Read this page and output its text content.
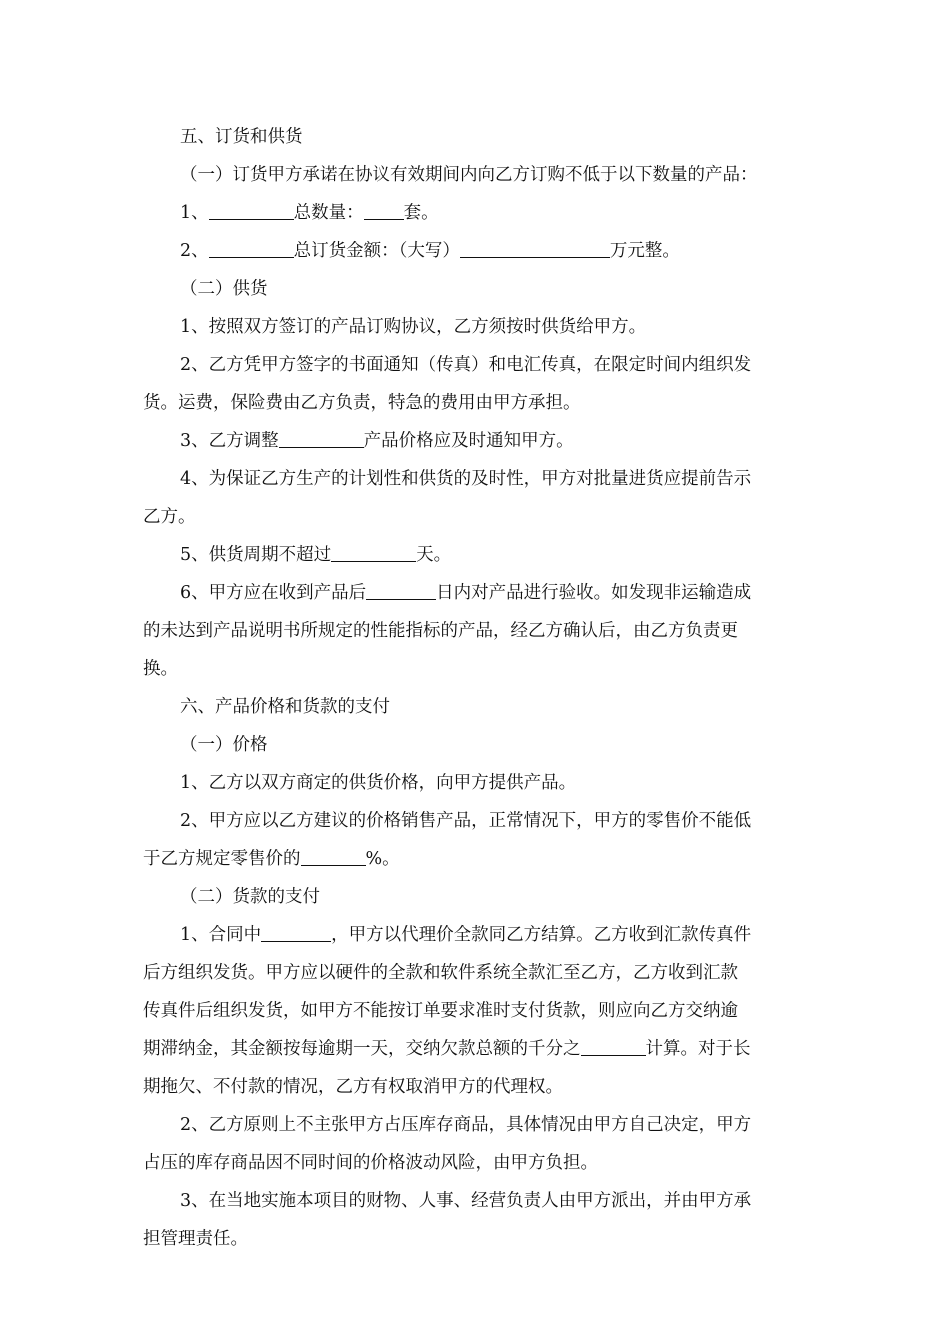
五、订货和供货
（一）订货甲方承诺在协议有效期间内向乙方订购不低于以下数量的产品：
1、	总数量： 套。
2、	总订货金额：（大写）	万元整。
（二）供货
1、按照双方签订的产品订购协议，乙方须按时供货给甲方。
2、乙方凭甲方签字的书面通知（传真）和电汇传真，在限定时间内组织发
货。运费，保险费由乙方负责，特急的费用由甲方承担。
3、乙方调整	产品价格应及时通知甲方。
4、为保证乙方生产的计划性和供货的及时性，甲方对批量进货应提前告示
乙方。
5、供货周期不超过	天。
6、甲方应在收到产品后	日内对产品进行验收。如发现非运输造成
的未达到产品说明书所规定的性能指标的产品，经乙方确认后，由乙方负责更
换。
六、产品价格和货款的支付
（一）价格
1、乙方以双方商定的供货价格，向甲方提供产品。
2、甲方应以乙方建议的价格销售产品，正常情况下，甲方的零售价不能低
于乙方规定零售价的	%。
（二）货款的支付
1、合同中	，甲方以代理价全款同乙方结算。乙方收到汇款传真件
后方组织发货。甲方应以硬件的全款和软件系统全款汇至乙方，乙方收到汇款
传真件后组织发货，如甲方不能按订单要求准时支付货款，则应向乙方交纳逾
期滞纳金，其金额按每逾期一天，交纳欠款总额的千分之	计算。对于长
期拖欠、不付款的情况，乙方有权取消甲方的代理权。
2、乙方原则上不主张甲方占压库存商品，具体情况由甲方自己决定，甲方
占压的库存商品因不同时间的价格波动风险，由甲方负担。
3、在当地实施本项目的财物、人事、经营负责人由甲方派出，并由甲方承
担管理责任。
